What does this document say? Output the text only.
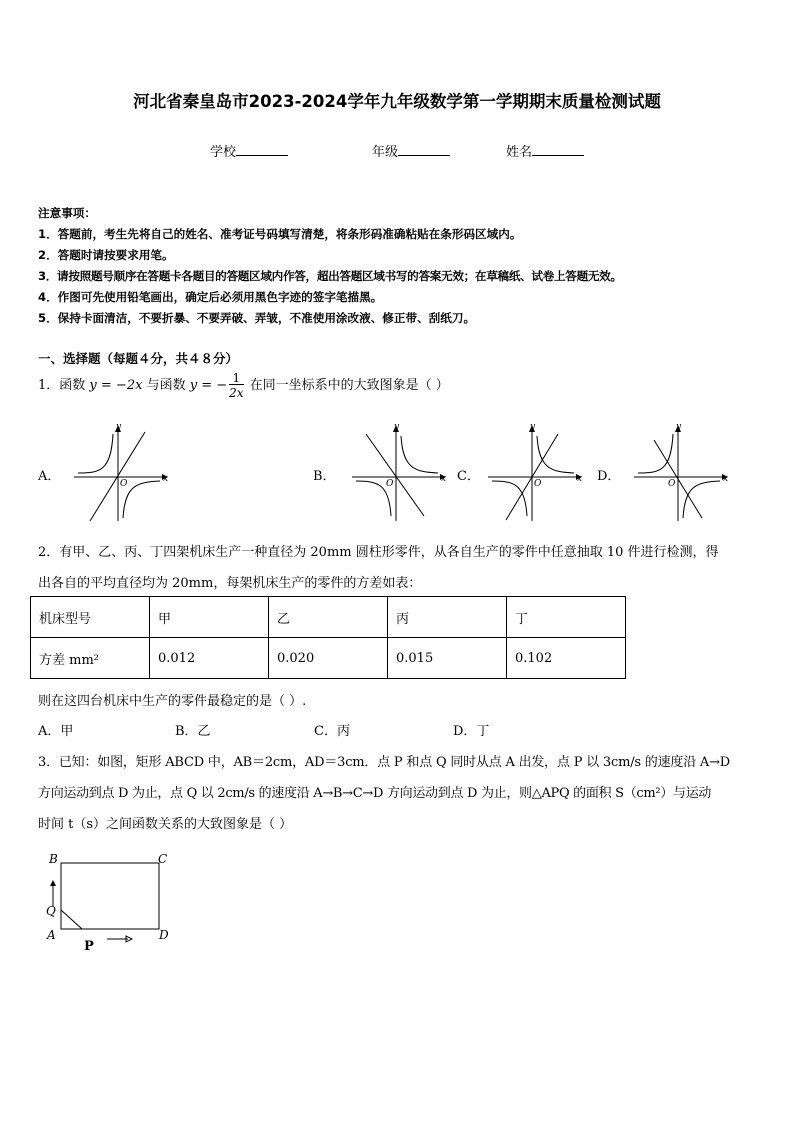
河北省秦皇岛市2023-2024学年九年级数学第一学期期末质量检测试题
学校	年级	姓名
注意事项：
1．答题前，考生先将自己的姓名、准考证号码填写清楚，将条形码准确粘贴在条形码区域内。
2．答题时请按要求用笔。
3．请按照题号顺序在答题卡各题目的答题区域内作答，超出答题区域书写的答案无效；在草稿纸、试卷上答题无效。
4．作图可先使用铅笔画出，确定后必须用黑色字迹的签字笔描黑。
5．保持卡面清洁，不要折暴、不要弄破、弄皱，不准使用涂改液、修正带、刮纸刀。
一、选择题（每题４分，共４８分）
1．函数 y = −2x 与函数 y = − $\frac{1}{2x}$ 在同一坐标系中的大致图象是（ ）
A．	B．	C．	D．
y
x
O
y
x
O
y
x
O
y
x
O
2．有甲、乙、丙、丁四架机床生产一种直径为 20mm 圆柱形零件，从各自生产的零件中任意抽取 10 件进行检测，得
出各自的平均直径均为 20mm，每架机床生产的零件的方差如表：
机床型号	甲	乙	丙	丁
方差 mm²	0.012	0.020	0.015	0.102
则在这四台机床中生产的零件最稳定的是（ ）.
A．甲	B．乙	C．丙	D．丁
3．已知：如图，矩形 ABCD 中，AB＝2cm，AD＝3cm．点 P 和点 Q 同时从点 A 出发，点 P 以 3cm/s 的速度沿 A→D
方向运动到点 D 为止，点 Q 以 2cm/s 的速度沿 A→B→C→D 方向运动到点 D 为止，则△APQ 的面积 S（cm²）与运动
时间 t（s）之间函数关系的大致图象是（ ）
B	C
A	D
Q
P
